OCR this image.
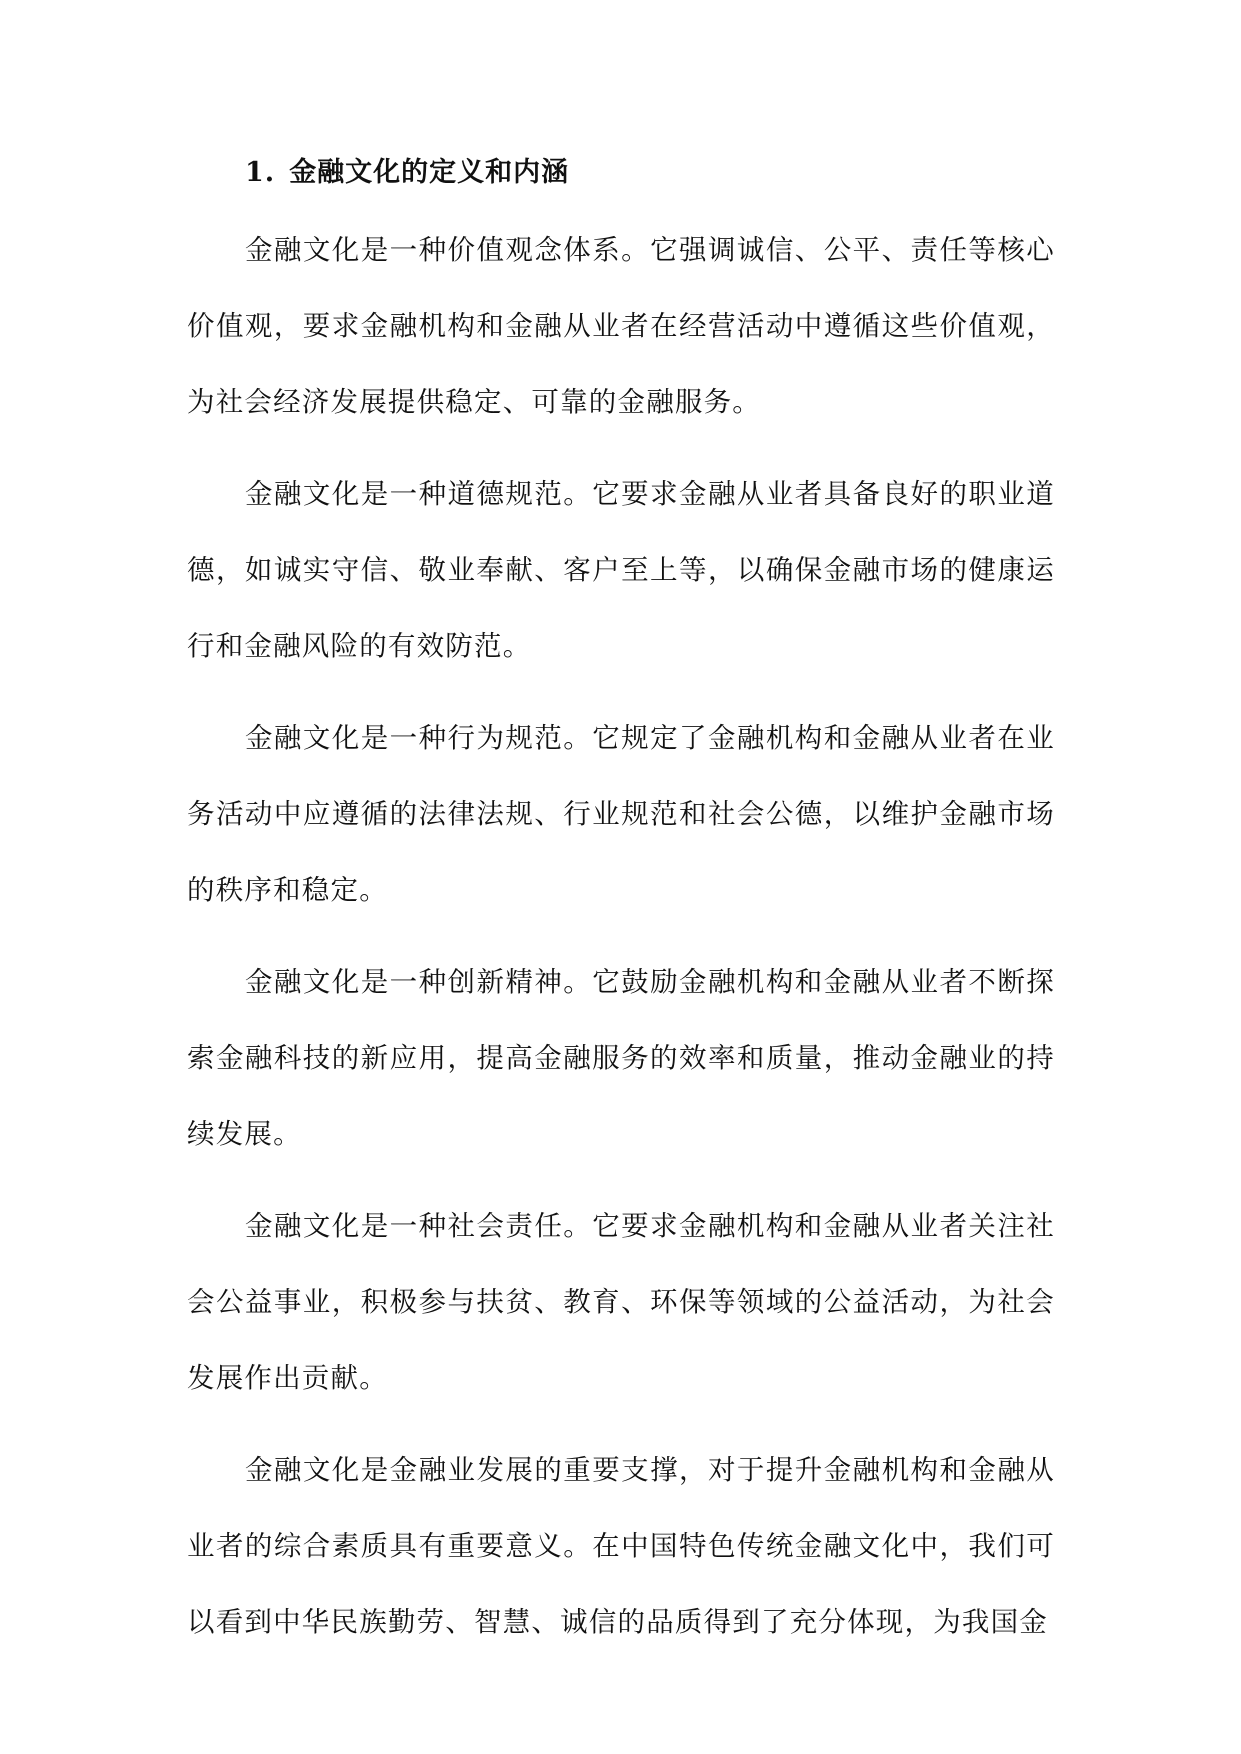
1. 金融文化的定义和内涵

金融文化是一种价值观念体系。它强调诚信、公平、责任等核心价值观，要求金融机构和金融从业者在经营活动中遵循这些价值观，为社会经济发展提供稳定、可靠的金融服务。

金融文化是一种道德规范。它要求金融从业者具备良好的职业道德，如诚实守信、敬业奉献、客户至上等，以确保金融市场的健康运行和金融风险的有效防范。

金融文化是一种行为规范。它规定了金融机构和金融从业者在业务活动中应遵循的法律法规、行业规范和社会公德，以维护金融市场的秩序和稳定。

金融文化是一种创新精神。它鼓励金融机构和金融从业者不断探索金融科技的新应用，提高金融服务的效率和质量，推动金融业的持续发展。

金融文化是一种社会责任。它要求金融机构和金融从业者关注社会公益事业，积极参与扶贫、教育、环保等领域的公益活动，为社会发展作出贡献。

金融文化是金融业发展的重要支撑，对于提升金融机构和金融从业者的综合素质具有重要意义。在中国特色传统金融文化中，我们可以看到中华民族勤劳、智慧、诚信的品质得到了充分体现，为我国金
